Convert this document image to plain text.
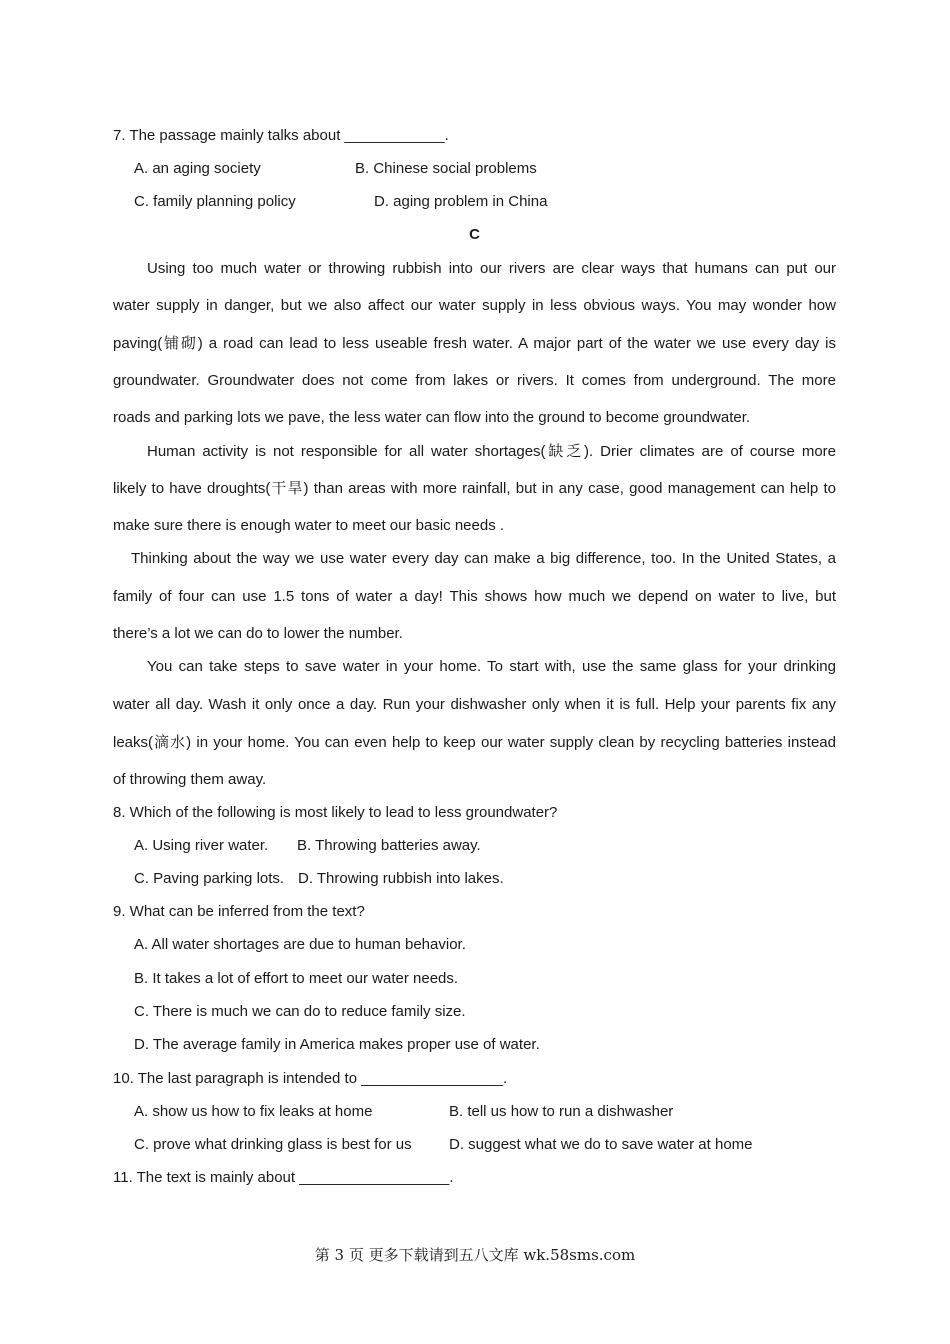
7. The passage mainly talks about ____________.
A. an aging society	B. Chinese social problems
C. family planning policy	D. aging problem in China
C
Using too much water or throwing rubbish into our rivers are clear ways that humans can put our
water supply in danger, but we also affect our water supply in less obvious ways. You may wonder how
paving(铺砌) a road can lead to less useable fresh water. A major part of the water we use every day is
groundwater. Groundwater does not come from lakes or rivers. It comes from underground. The more
roads and parking lots we pave, the less water can flow into the ground to become groundwater.
Human activity is not responsible for all water shortages(缺乏). Drier climates are of course more
likely to have droughts(干旱) than areas with more rainfall, but in any case, good management can help to
make sure there is enough water to meet our basic needs .
Thinking about the way we use water every day can make a big difference, too. In the United States, a
family of four can use 1.5 tons of water a day! This shows how much we depend on water to live, but
there’s a lot we can do to lower the number.
You can take steps to save water in your home. To start with, use the same glass for your drinking
water all day. Wash it only once a day. Run your dishwasher only when it is full. Help your parents fix any
leaks(滴水) in your home. You can even help to keep our water supply clean by recycling batteries instead
of throwing them away.
8. Which of the following is most likely to lead to less groundwater?
A. Using river water. B. Throwing batteries away.
C. Paving parking lots. D. Throwing rubbish into lakes.
9. What can be inferred from the text?
A. All water shortages are due to human behavior.
B. It takes a lot of effort to meet our water needs.
C. There is much we can do to reduce family size.
D. The average family in America makes proper use of water.
10. The last paragraph is intended to _________________.
A. show us how to fix leaks at home	B. tell us how to run a dishwasher
C. prove what drinking glass is best for us D. suggest what we do to save water at home
11. The text is mainly about __________________.
第 3 页 更多下载请到五八文库 wk.58sms.com
